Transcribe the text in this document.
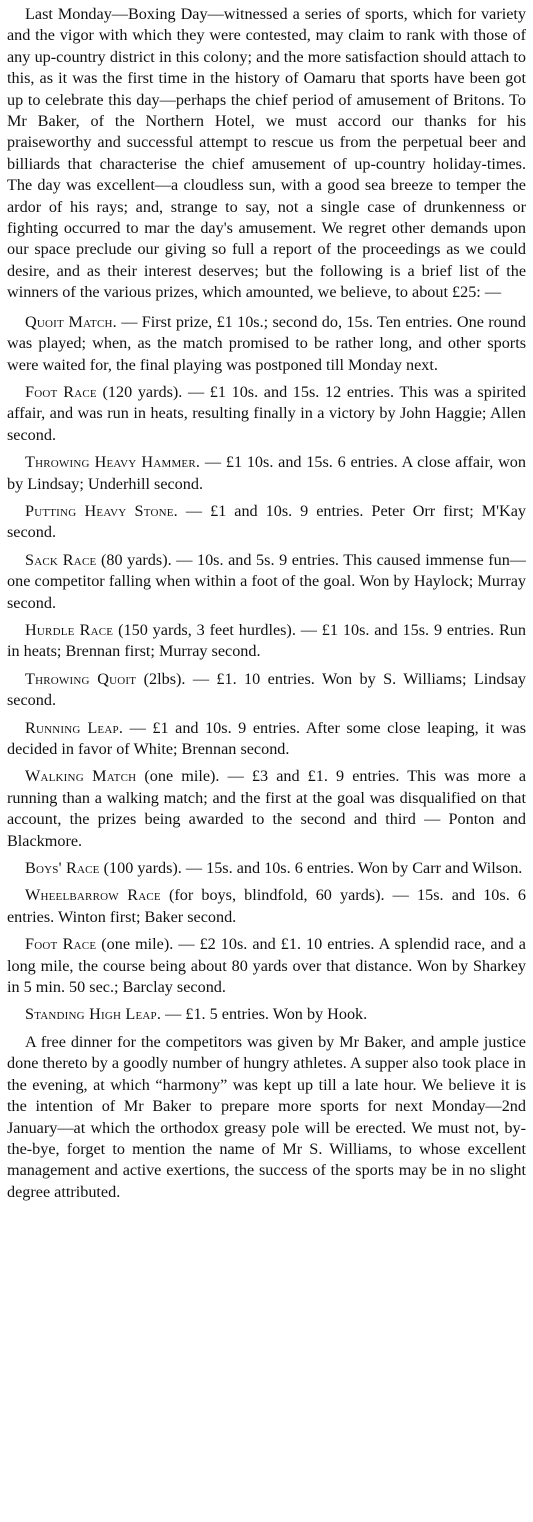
Last Monday—Boxing Day—witnessed a series of sports, which for variety and the vigor with which they were contested, may claim to rank with those of any up-country district in this colony; and the more satisfaction should attach to this, as it was the first time in the history of Oamaru that sports have been got up to celebrate this day—perhaps the chief period of amusement of Britons. To Mr Baker, of the Northern Hotel, we must accord our thanks for his praiseworthy and successful attempt to rescue us from the perpetual beer and billiards that characterise the chief amusement of up-country holiday-times. The day was excellent—a cloudless sun, with a good sea breeze to temper the ardor of his rays; and, strange to say, not a single case of drunkenness or fighting occurred to mar the day's amusement. We regret other demands upon our space preclude our giving so full a report of the proceedings as we could desire, and as their interest deserves; but the following is a brief list of the winners of the various prizes, which amounted, we believe, to about £25: —

Quoit Match. — First prize, £1 10s.; second do, 15s. Ten entries. One round was played; when, as the match promised to be rather long, and other sports were waited for, the final playing was postponed till Monday next.

Foot Race (120 yards). — £1 10s. and 15s. 12 entries. This was a spirited affair, and was run in heats, resulting finally in a victory by John Haggie; Allen second.

Throwing Heavy Hammer. — £1 10s. and 15s. 6 entries. A close affair, won by Lindsay; Underhill second.

Putting Heavy Stone. — £1 and 10s. 9 entries. Peter Orr first; M'Kay second.

Sack Race (80 yards). — 10s. and 5s. 9 entries. This caused immense fun—one competitor falling when within a foot of the goal. Won by Haylock; Murray second.

Hurdle Race (150 yards, 3 feet hurdles). — £1 10s. and 15s. 9 entries. Run in heats; Brennan first; Murray second.

Throwing Quoit (2lbs). — £1. 10 entries. Won by S. Williams; Lindsay second.

Running Leap. — £1 and 10s. 9 entries. After some close leaping, it was decided in favor of White; Brennan second.

Walking Match (one mile). — £3 and £1. 9 entries. This was more a running than a walking match; and the first at the goal was disqualified on that account, the prizes being awarded to the second and third — Ponton and Blackmore.

Boys' Race (100 yards). — 15s. and 10s. 6 entries. Won by Carr and Wilson.

Wheelbarrow Race (for boys, blindfold, 60 yards). — 15s. and 10s. 6 entries. Winton first; Baker second.

Foot Race (one mile). — £2 10s. and £1. 10 entries. A splendid race, and a long mile, the course being about 80 yards over that distance. Won by Sharkey in 5 min. 50 sec.; Barclay second.

Standing High Leap. — £1. 5 entries. Won by Hook.

A free dinner for the competitors was given by Mr Baker, and ample justice done thereto by a goodly number of hungry athletes. A supper also took place in the evening, at which “harmony” was kept up till a late hour. We believe it is the intention of Mr Baker to prepare more sports for next Monday—2nd January—at which the orthodox greasy pole will be erected. We must not, by-the-bye, forget to mention the name of Mr S. Williams, to whose excellent management and active exertions, the success of the sports may be in no slight degree attributed.
